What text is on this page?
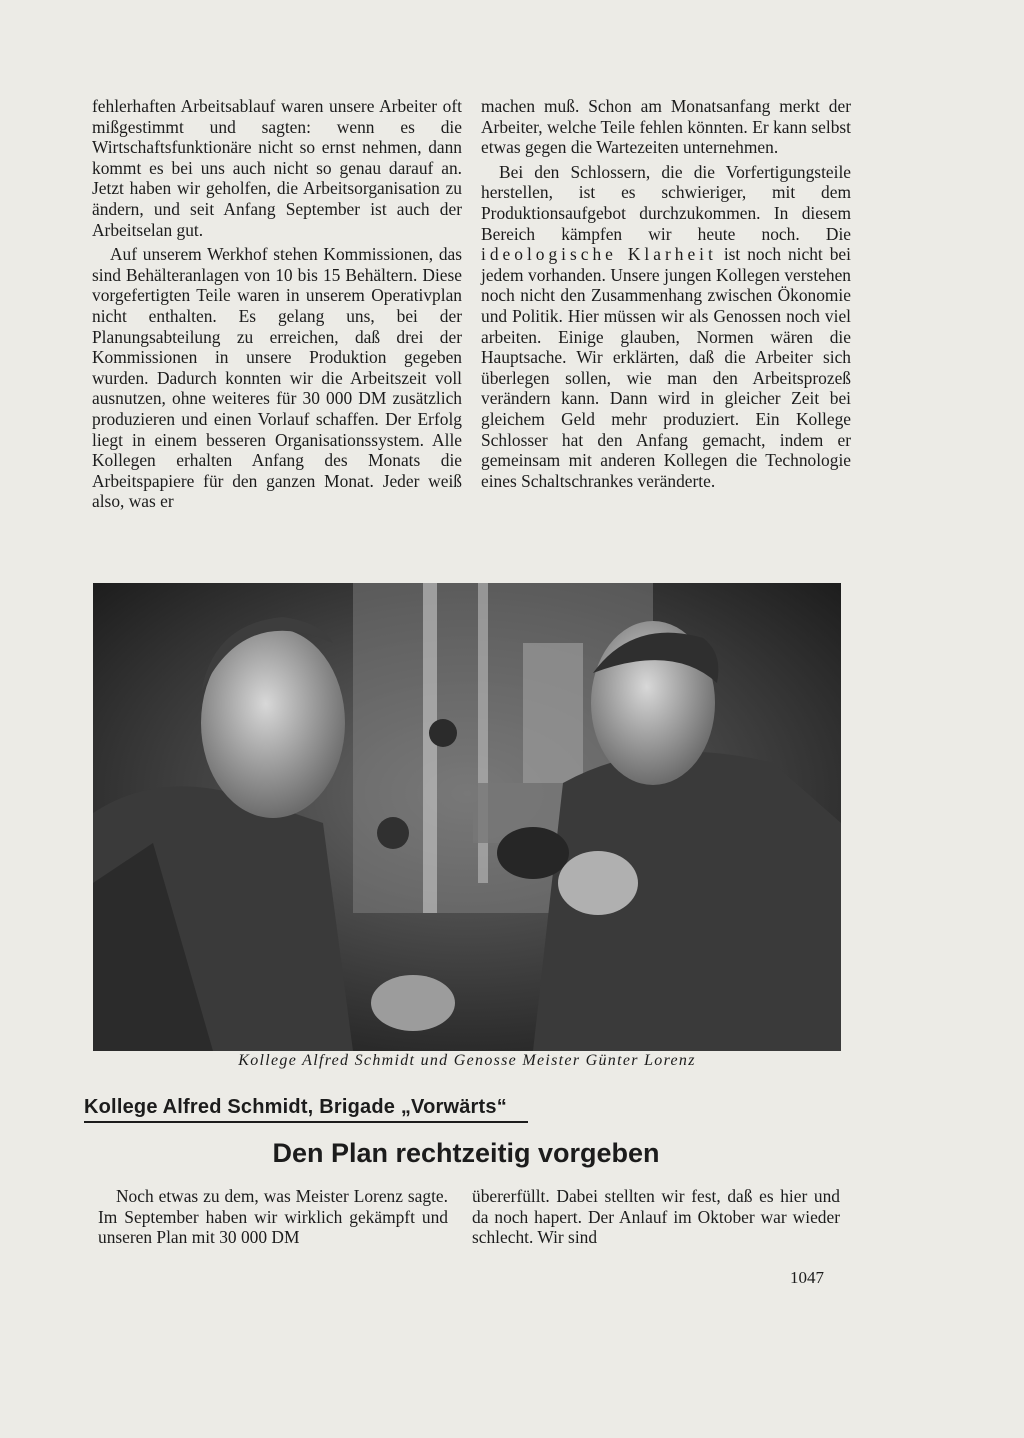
fehlerhaften Arbeitsablauf waren unsere Arbeiter oft mißgestimmt und sagten: wenn es die Wirtschaftsfunktionäre nicht so ernst nehmen, dann kommt es bei uns auch nicht so genau darauf an. Jetzt haben wir geholfen, die Arbeitsorganisation zu ändern, und seit Anfang September ist auch der Arbeitselan gut.

Auf unserem Werkhof stehen Kommissionen, das sind Behälteranlagen von 10 bis 15 Behältern. Diese vorgefertigten Teile waren in unserem Operativplan nicht enthalten. Es gelang uns, bei der Planungsabteilung zu erreichen, daß drei der Kommissionen in unsere Produktion gegeben wurden. Dadurch konnten wir die Arbeitszeit voll ausnutzen, ohne weiteres für 30 000 DM zusätzlich produzieren und einen Vorlauf schaffen. Der Erfolg liegt in einem besseren Organisationssystem. Alle Kollegen erhalten Anfang des Monats die Arbeitspapiere für den ganzen Monat. Jeder weiß also, was er

machen muß. Schon am Monatsanfang merkt der Arbeiter, welche Teile fehlen könnten. Er kann selbst etwas gegen die Wartezeiten unternehmen.

Bei den Schlossern, die die Vorfertigungsteile herstellen, ist es schwieriger, mit dem Produktionsaufgebot durchzukommen. In diesem Bereich kämpfen wir heute noch. Die ideologische Klarheit ist noch nicht bei jedem vorhanden. Unsere jungen Kollegen verstehen noch nicht den Zusammenhang zwischen Ökonomie und Politik. Hier müssen wir als Genossen noch viel arbeiten. Einige glauben, Normen wären die Hauptsache. Wir erklärten, daß die Arbeiter sich überlegen sollen, wie man den Arbeitsprozeß verändern kann. Dann wird in gleicher Zeit bei gleichem Geld mehr produziert. Ein Kollege Schlosser hat den Anfang gemacht, indem er gemeinsam mit anderen Kollegen die Technologie eines Schaltschrankes veränderte.

Kollege Alfred Schmidt und Genosse Meister Günter Lorenz
Kollege Alfred Schmidt, Brigade „Vorwärts“
Den Plan rechtzeitig vorgeben

Noch etwas zu dem, was Meister Lorenz sagte. Im September haben wir wirklich gekämpft und unseren Plan mit 30 000 DM

übererfüllt. Dabei stellten wir fest, daß es hier und da noch hapert. Der Anlauf im Oktober war wieder schlecht. Wir sind

1047
